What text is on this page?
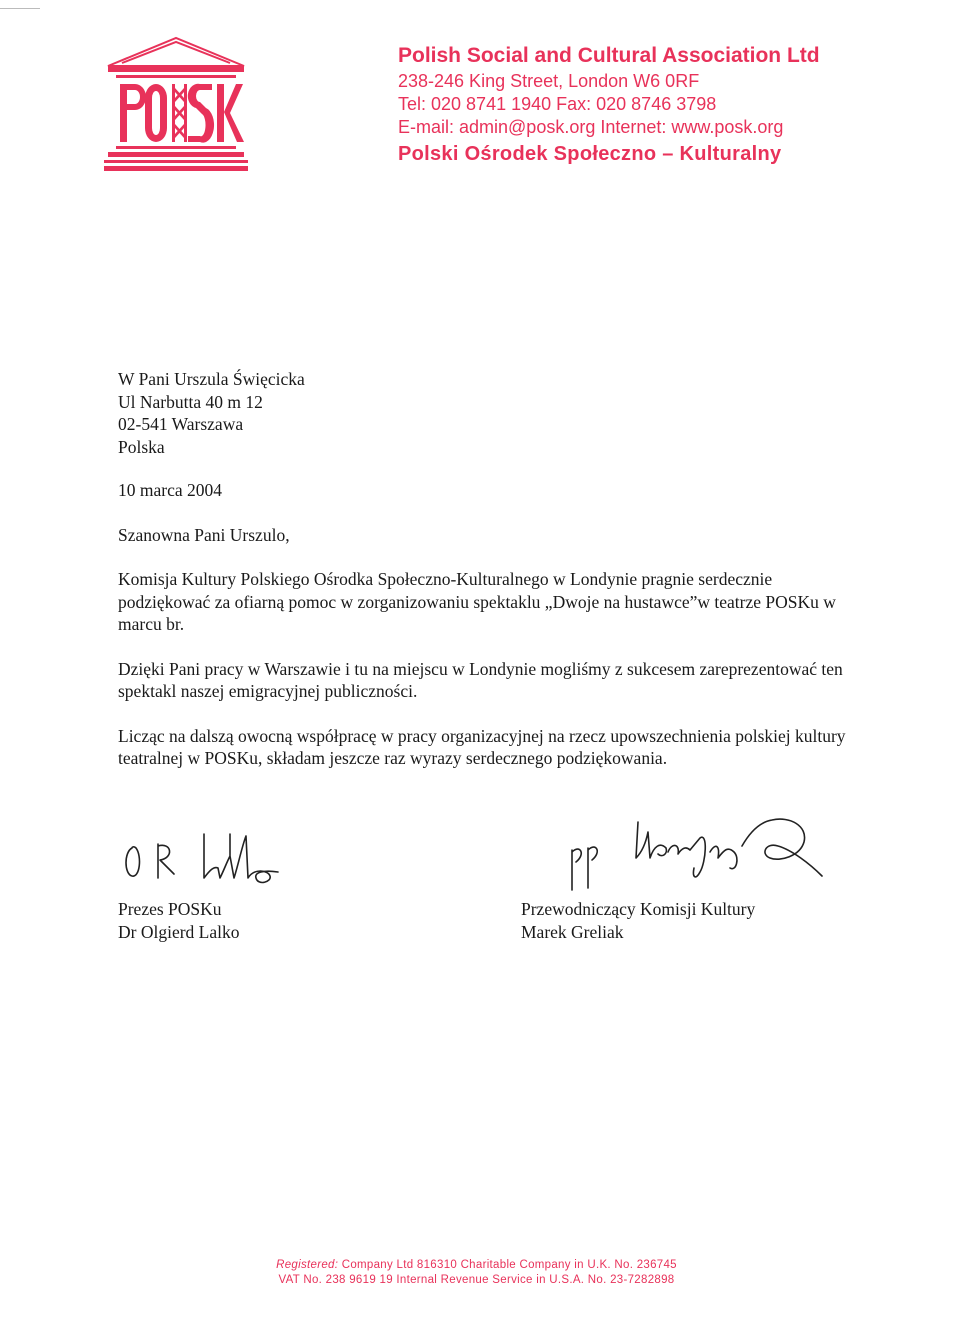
Polish Social and Cultural Association Ltd
238-246 King Street, London W6 0RF
Tel: 020 8741 1940 Fax: 020 8746 3798
E-mail: admin@posk.org Internet: www.posk.org
Polski Ośrodek Społeczno – Kulturalny
W Pani Urszula Święcicka
Ul Narbutta 40 m 12
02-541 Warszawa
Polska

10 marca 2004

Szanowna Pani Urszulo,

Komisja Kultury Polskiego Ośrodka Społeczno-Kulturalnego w Londynie pragnie serdecznie podziękować za ofiarną pomoc w zorganizowaniu spektaklu „Dwoje na hustawce”w teatrze POSKu w marcu br.

Dzięki Pani pracy w Warszawie i tu na miejscu w Londynie mogliśmy z sukcesem zareprezentować ten spektakl naszej emigracyjnej publiczności.

Licząc na dalszą owocną współpracę w pracy organizacyjnej na rzecz upowszechnienia polskiej kultury teatralnej w POSKu, składam jeszcze raz wyrazy serdecznego podziękowania.

Prezes POSKu
Dr Olgierd Lalko
Przewodniczący Komisji Kultury
Marek Greliak
Registered: Company Ltd 816310 Charitable Company in U.K. No. 236745
VAT No. 238 9619 19 Internal Revenue Service in U.S.A. No. 23-7282898
